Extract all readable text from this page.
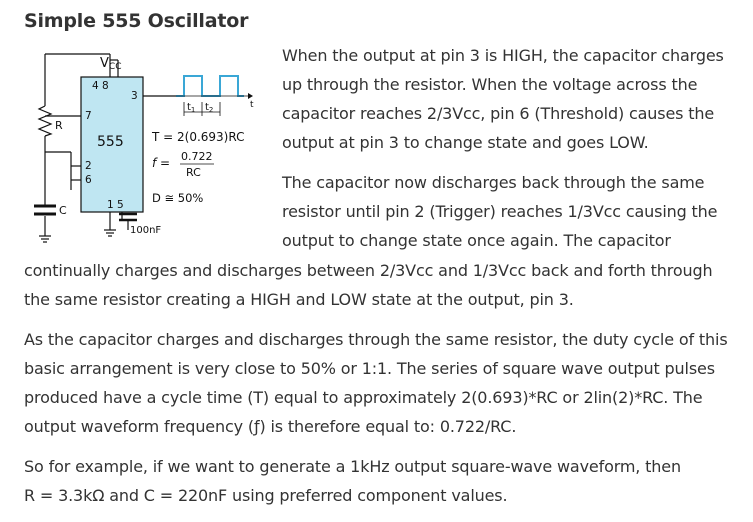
Simple 555 Oscillator
VCC
4 8
3
7
555
2
6
1 5
R
C
100nF
$t_1$ $t_2$	t
T = 2(0.693)RC
f = 0.722
RC
D ≅ 50%

When the output at pin 3 is HIGH, the capacitor charges
up through the resistor. When the voltage across the
capacitor reaches 2/3Vcc, pin 6 (Threshold) causes the
output at pin 3 to change state and goes LOW.

The capacitor now discharges back through the same
resistor until pin 2 (Trigger) reaches 1/3Vcc causing the
output to change state once again. The capacitor

continually charges and discharges between 2/3Vcc and 1/3Vcc back and forth through
the same resistor creating a HIGH and LOW state at the output, pin 3.

As the capacitor charges and discharges through the same resistor, the duty cycle of this
basic arrangement is very close to 50% or 1:1. The series of square wave output pulses
produced have a cycle time (T) equal to approximately 2(0.693)*RC or 2lin(2)*RC. The
output waveform frequency (ƒ) is therefore equal to: 0.722/RC.

So for example, if we want to generate a 1kHz output square-wave waveform, then
R = 3.3kΩ and C = 220nF using preferred component values.
